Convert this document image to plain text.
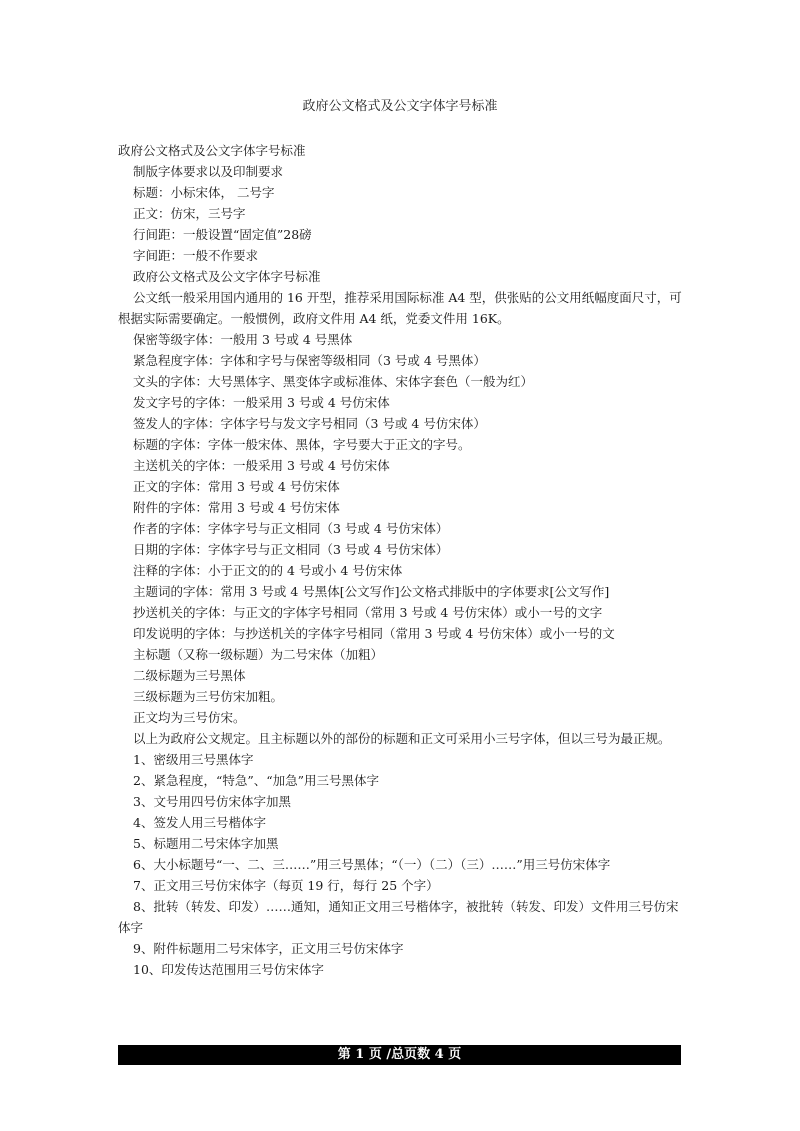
政府公文格式及公文字体字号标准

政府公文格式及公文字体字号标准

制版字体要求以及印制要求

标题：小标宋体， 二号字

正文：仿宋，三号字

行间距：一般设置“固定值”28磅

字间距：一般不作要求

政府公文格式及公文字体字号标准

公文纸一般采用国内通用的 16 开型，推荐采用国际标准 A4 型，供张贴的公文用纸幅度面尺寸，可根据实际需要确定。一般惯例，政府文件用 A4 纸，党委文件用 16K。

保密等级字体：一般用 3 号或 4 号黑体

紧急程度字体：字体和字号与保密等级相同（3 号或 4 号黑体）

文头的字体：大号黑体字、黑变体字或标准体、宋体字套色（一般为红）

发文字号的字体：一般采用 3 号或 4 号仿宋体

签发人的字体：字体字号与发文字号相同（3 号或 4 号仿宋体）

标题的字体：字体一般宋体、黑体，字号要大于正文的字号。

主送机关的字体：一般采用 3 号或 4 号仿宋体

正文的字体：常用 3 号或 4 号仿宋体

附件的字体：常用 3 号或 4 号仿宋体

作者的字体：字体字号与正文相同（3 号或 4 号仿宋体）

日期的字体：字体字号与正文相同（3 号或 4 号仿宋体）

注释的字体：小于正文的的 4 号或小 4 号仿宋体

主题词的字体：常用 3 号或 4 号黑体[公文写作]公文格式排版中的字体要求[公文写作]

抄送机关的字体：与正文的字体字号相同（常用 3 号或 4 号仿宋体）或小一号的文字

印发说明的字体：与抄送机关的字体字号相同（常用 3 号或 4 号仿宋体）或小一号的文

主标题（又称一级标题）为二号宋体（加粗）

二级标题为三号黑体

三级标题为三号仿宋加粗。

正文均为三号仿宋。

以上为政府公文规定。且主标题以外的部份的标题和正文可采用小三号字体，但以三号为最正规。

1、密级用三号黑体字

2、紧急程度，“特急”、“加急”用三号黑体字

3、文号用四号仿宋体字加黑

4、签发人用三号楷体字

5、标题用二号宋体字加黑

6、大小标题号“一、二、三……”用三号黑体；“（一）（二）（三）……”用三号仿宋体字

7、正文用三号仿宋体字（每页 19 行，每行 25 个字）

8、批转（转发、印发）……通知，通知正文用三号楷体字，被批转（转发、印发）文件用三号仿宋体字

9、附件标题用二号宋体字，正文用三号仿宋体字

10、印发传达范围用三号仿宋体字

第 1 页 /总页数 4 页
